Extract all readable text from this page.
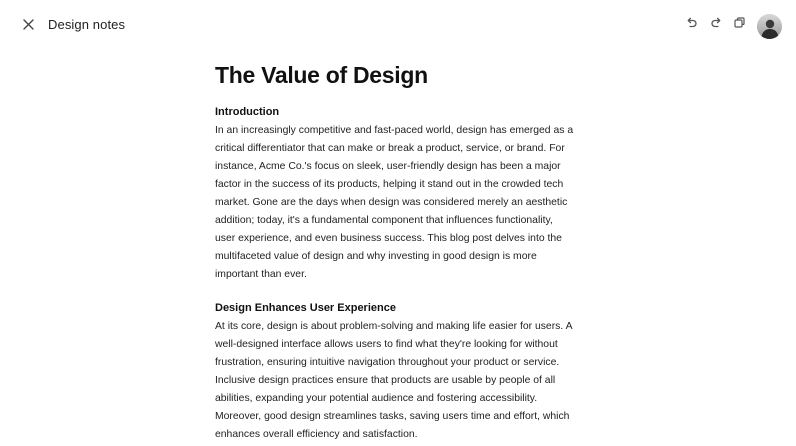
Design notes
The Value of Design
Introduction

In an increasingly competitive and fast-paced world, design has emerged as a

critical differentiator that can make or break a product, service, or brand. For

instance, Acme Co.'s focus on sleek, user-friendly design has been a major

factor in the success of its products, helping it stand out in the crowded tech

market. Gone are the days when design was considered merely an aesthetic

addition; today, it's a fundamental component that influences functionality,

user experience, and even business success. This blog post delves into the

multifaceted value of design and why investing in good design is more

important than ever.

Design Enhances User Experience

At its core, design is about problem-solving and making life easier for users. A

well-designed interface allows users to find what they're looking for without

frustration, ensuring intuitive navigation throughout your product or service.

Inclusive design practices ensure that products are usable by people of all

abilities, expanding your potential audience and fostering accessibility.

Moreover, good design streamlines tasks, saving users time and effort, which

enhances overall efficiency and satisfaction.
